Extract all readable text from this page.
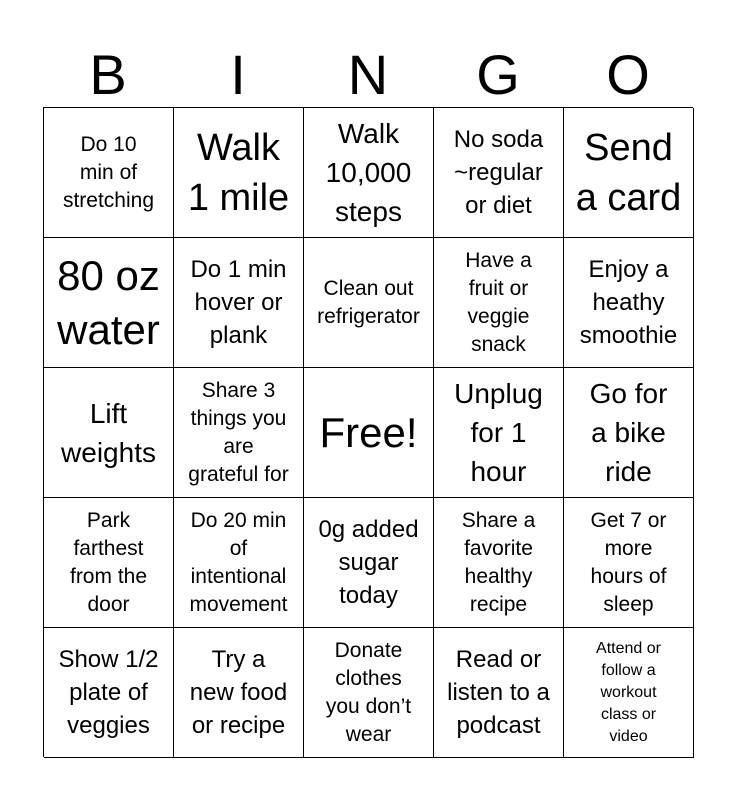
B	I	N	G	O
Do 10
min of
stretching
Walk
1 mile
Walk
10,000
steps
No soda
~regular
or diet
Send
a card
80 oz
water
Do 1 min
hover or
plank
Clean out
refrigerator
Have a
fruit or
veggie
snack
Enjoy a
heathy
smoothie
Lift
weights
Share 3
things you
are
grateful for
Free!
Unplug
for 1
hour
Go for
a bike
ride
Park
farthest
from the
door
Do 20 min
of
intentional
movement
0g added
sugar
today
Share a
favorite
healthy
recipe
Get 7 or
more
hours of
sleep
Show 1/2
plate of
veggies
Try a
new food
or recipe
Donate
clothes
you don’t
wear
Read or
listen to a
podcast
Attend or
follow a
workout
class or
video
